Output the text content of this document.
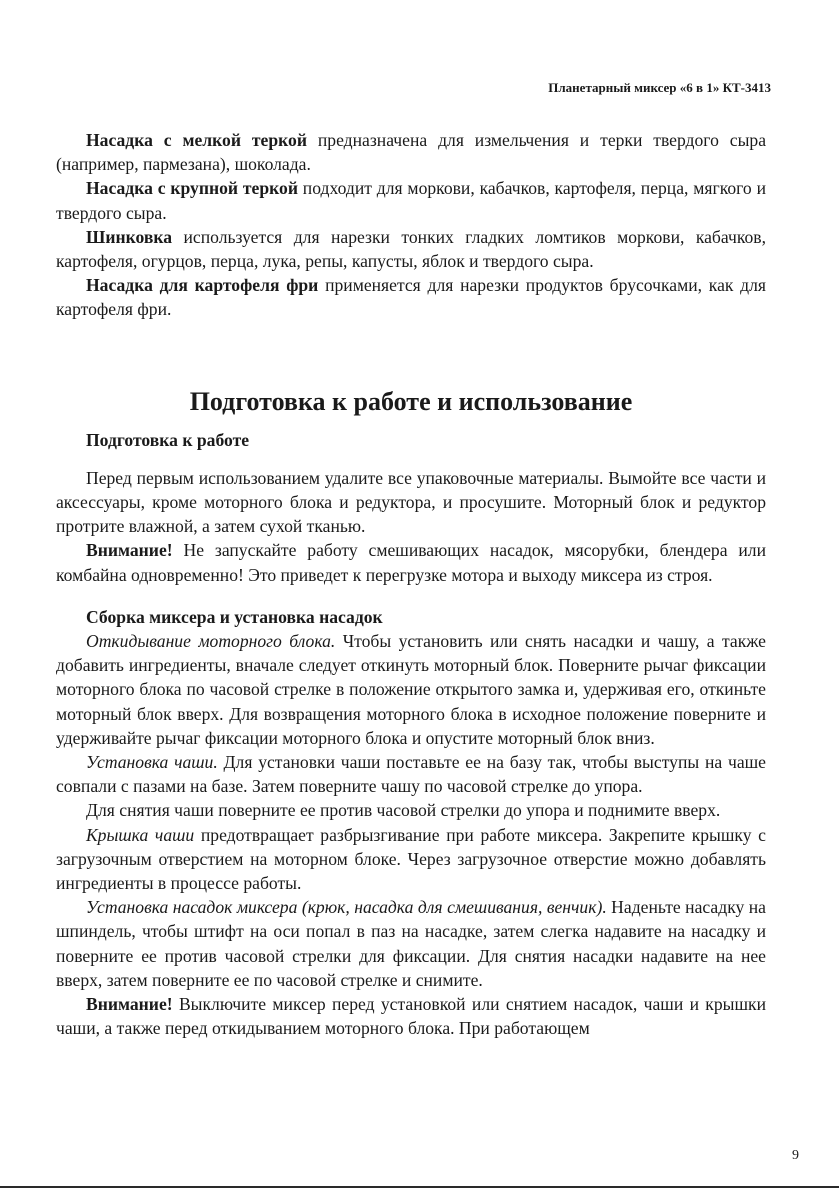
Планетарный миксер «6 в 1» КТ-3413

Насадка с мелкой теркой предназначена для измельчения и терки твердого сыра (например, пармезана), шоколада.

Насадка с крупной теркой подходит для моркови, кабачков, картофеля, перца, мягкого и твердого сыра.

Шинковка используется для нарезки тонких гладких ломтиков моркови, кабачков, картофеля, огурцов, перца, лука, репы, капусты, яблок и твердого сыра.

Насадка для картофеля фри применяется для нарезки продуктов брусочками, как для картофеля фри.

Подготовка к работе и использование
Подготовка к работе

Перед первым использованием удалите все упаковочные материалы. Вымойте все части и аксессуары, кроме моторного блока и редуктора, и просушите. Моторный блок и редуктор протрите влажной, а затем сухой тканью.

Внимание! Не запускайте работу смешивающих насадок, мясорубки, блендера или комбайна одновременно! Это приведет к перегрузке мотора и выходу миксера из строя.

Сборка миксера и установка насадок

Откидывание моторного блока. Чтобы установить или снять насадки и чашу, а также добавить ингредиенты, вначале следует откинуть моторный блок. Поверните рычаг фиксации моторного блока по часовой стрелке в положение открытого замка и, удерживая его, откиньте моторный блок вверх. Для возвращения моторного блока в исходное положение поверните и удерживайте рычаг фиксации моторного блока и опустите моторный блок вниз.

Установка чаши. Для установки чаши поставьте ее на базу так, чтобы выступы на чаше совпали с пазами на базе. Затем поверните чашу по часовой стрелке до упора.

Для снятия чаши поверните ее против часовой стрелки до упора и поднимите вверх.

Крышка чаши предотвращает разбрызгивание при работе миксера. Закрепите крышку с загрузочным отверстием на моторном блоке. Через загрузочное отверстие можно добавлять ингредиенты в процессе работы.

Установка насадок миксера (крюк, насадка для смешивания, венчик). Наденьте насадку на шпиндель, чтобы штифт на оси попал в паз на насадке, затем слегка надавите на насадку и поверните ее против часовой стрелки для фиксации. Для снятия насадки надавите на нее вверх, затем поверните ее по часовой стрелке и снимите.

Внимание! Выключите миксер перед установкой или снятием насадок, чаши и крышки чаши, а также перед откидыванием моторного блока. При работающем

9
